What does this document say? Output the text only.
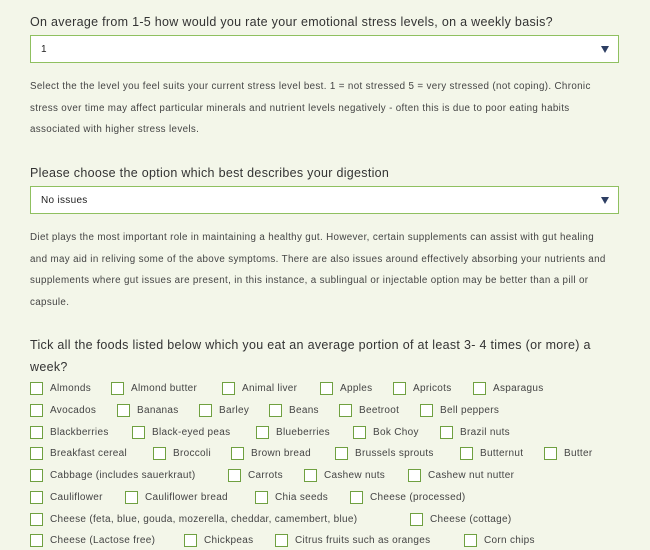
On average from 1-5 how would you rate your emotional stress levels, on a weekly basis?
1
Select the the level you feel suits your current stress level best. 1 = not stressed 5 = very stressed (not coping). Chronic stress over time may affect particular minerals and nutrient levels negatively - often this is due to poor eating habits associated with higher stress levels.
Please choose the option which best describes your digestion
No issues
Diet plays the most important role in maintaining a healthy gut. However, certain supplements can assist with gut healing and may aid in reliving some of the above symptoms. There are also issues around effectively absorbing your nutrients and supplements where gut issues are present, in this instance, a sublingual or injectable option may be better than a pill or capsule.
Tick all the foods listed below which you eat an average portion of at least 3- 4 times (or more) a week?
Almonds	Almond butter	Animal liver	Apples	Apricots	Asparagus
Avocados	Bananas	Barley	Beans	Beetroot	Bell peppers
Blackberries	Black-eyed peas	Blueberries	Bok Choy	Brazil nuts
Breakfast cereal	Broccoli	Brown bread	Brussels sprouts	Butternut	Butter
Cabbage (includes sauerkraut)	Carrots	Cashew nuts	Cashew nut nutter
Cauliflower	Cauliflower bread	Chia seeds	Cheese (processed)
Cheese (feta, blue, gouda, mozerella, cheddar, camembert, blue)	Cheese (cottage)
Cheese (Lactose free)	Chickpeas	Citrus fruits such as oranges	Corn chips
